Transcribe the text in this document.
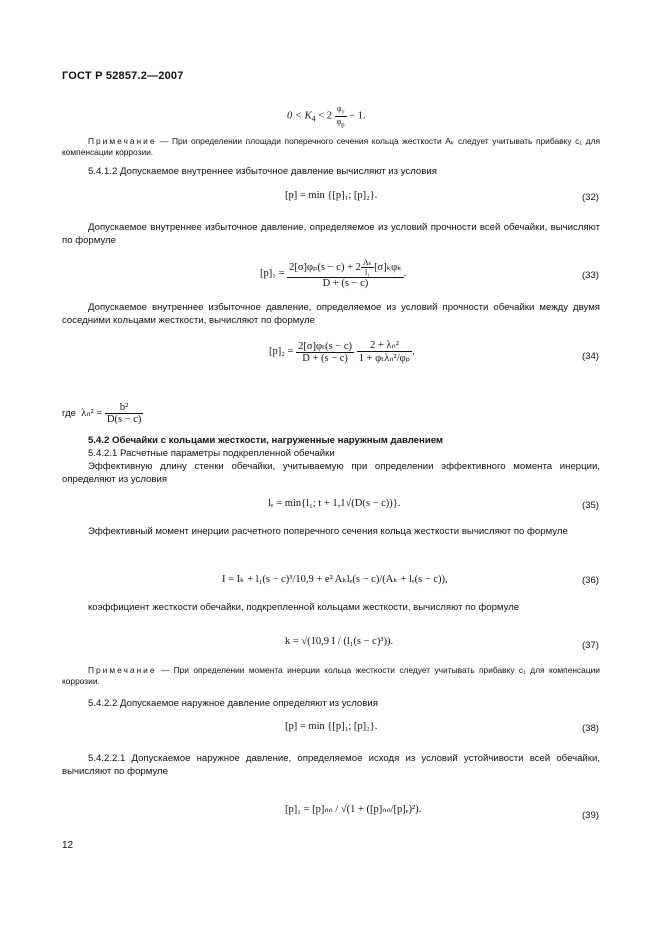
ГОСТ Р 52857.2—2007
$0 < K_4 < 2 \frac{\varphi_т}{\varphi_р} - 1$.
Примечание — При определении площади поперечного сечения кольца жесткости Aₖ следует учитывать прибавку c₁ для компенсации коррозии.
5.4.1.2 Допускаемое внутреннее избыточное давление вычисляют из условия
[p] = min {[p]₁; [p]₂}.	(32)
Допускаемое внутреннее избыточное давление, определяемое из условий прочности всей обечайки, вычисляют по формуле
$[p]_1 = \frac{2[\sigma]\varphi_p(s - c) + 2 \frac{\text{Aₖ}}{\text{l₁}} [\sigma]_k\varphi_k}{D + (s - c)}$ .	(33)
Допускаемое внутреннее избыточное давление, определяемое из условий прочности обечайки между двумя соседними кольцами жесткости, вычисляют по формуле
$[p]_2 = \frac{\text{2[σ]φₜ(s − c)}}{D + (s - c)}$
$\frac{\text{2 + λₙ²}}{\text{1 + φₜλₙ²/φₚ}}$ ,	(34)
где $\lambda_n^2 = \frac{\text{b²}}{D(s - c)}$
5.4.2 Обечайки с кольцами жесткости, нагруженные наружным давлением
5.4.2.1 Расчетные параметры подкрепленной обечайки
Эффективную длину стенки обечайки, учитываемую при определении эффективного момента инерции, определяют из условия
lₑ = min{l₁; t + 1,1√(D(s − c))}.	(35)
Эффективный момент инерции расчетного поперечного сечения кольца жесткости вычисляют по формуле
I = Iₖ + l₁(s − c)³/10,9 + e² Aₖlₑ(s − c)/(Aₖ + lₑ(s − c)),	(36)
коэффициент жесткости обечайки, подкрепленной кольцами жесткости, вычисляют по формуле
k = √(10,9 I / (l₁(s − c)³)).	(37)
Примечание — При определении момента инерции кольца жесткости следует учитывать прибавку c₁ для компенсации коррозии.
5.4.2.2 Допускаемое наружное давление определяют из условия
[p] = min {[p]₁; [p]₂}.	(38)
5.4.2.2.1 Допускаемое наружное давление, определяемое исходя из условий устойчивости всей обечайки, вычисляют по формуле
[p]₁ = [p]ₙₙ / √(1 + ([p]ₙₙ/[p]ₑ)²).
(39)
12
